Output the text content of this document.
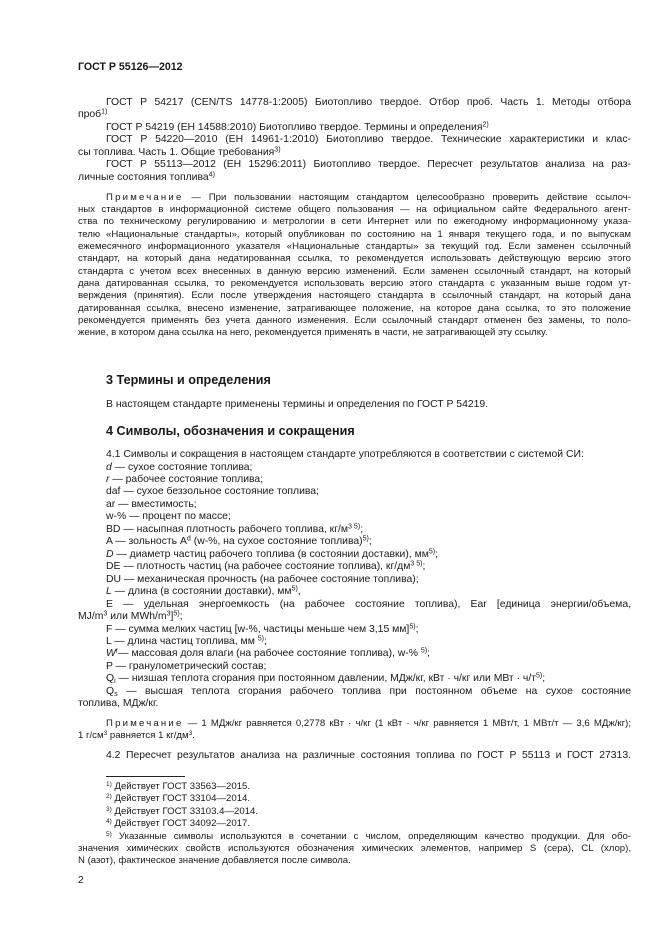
ГОСТ Р 55126—2012
ГОСТ Р 54217 (CEN/TS 14778-1:2005) Биотопливо твердое. Отбор проб. Часть 1. Методы отбора
проб$^{1)}$
ГОСТ Р 54219 (ЕН 14588:2010) Биотопливо твердое. Термины и определения$^{2)}$
ГОСТ Р 54220—2010 (ЕН 14961-1:2010) Биотопливо твердое. Технические характеристики и клас-
сы топлива. Часть 1. Общие требования$^{3)}$
ГОСТ Р 55113—2012 (ЕН 15296:2011) Биотопливо твердое. Пересчет результатов анализа на раз-
личные состояния топлива$^{4)}$
Примечание — При пользовании настоящим стандартом целесообразно проверить действие ссылоч-
ных стандартов в информационной системе общего пользования — на официальном сайте Федерального агент-
ства по техническому регулированию и метрологии в сети Интернет или по ежегодному информационному указа-
телю «Национальные стандарты», который опубликован по состоянию на 1 января текущего года, и по выпускам
ежемесячного информационного указателя «Национальные стандарты» за текущий год. Если заменен ссылочный
стандарт, на который дана недатированная ссылка, то рекомендуется использовать действующую версию этого
стандарта с учетом всех внесенных в данную версию изменений. Если заменен ссылочный стандарт, на который
дана датированная ссылка, то рекомендуется использовать версию этого стандарта с указанным выше годом ут-
верждения (принятия). Если после утверждения настоящего стандарта в ссылочный стандарт, на который дана
датированная ссылка, внесено изменение, затрагивающее положение, на которое дана ссылка, то это положение
рекомендуется применять без учета данного изменения. Если ссылочный стандарт отменен без замены, то поло-
жение, в котором дана ссылка на него, рекомендуется применять в части, не затрагивающей эту ссылку.
3 Термины и определения
В настоящем стандарте применены термины и определения по ГОСТ Р 54219.
4 Символы, обозначения и сокращения
4.1 Символы и сокращения в настоящем стандарте употребляются в соответствии с системой СИ:
d — сухое состояние топлива;
r — рабочее состояние топлива;
daf — сухое беззольное состояние топлива;
ar — вместимость;
w-% — процент по массе;
BD — насыпная плотность рабочего топлива, $кг/м^{3 5)}$;
A — зольность $A^d$ (w-%, на сухое состояние топлива)$^{5)}$;
D — диаметр частиц рабочего топлива (в состоянии доставки), $мм^{5)}$;
DE — плотность частиц (на рабочее состояние топлива), $кг/дм^{3 5)}$;
DU — механическая прочность (на рабочее состояние топлива);
L — длина (в состоянии доставки), $мм^{5)}$,
E — удельная энергоемкость (на рабочее состояние топлива), Ear [единица энергии/объема,
$MJ/m^3$ или MWh/$m^3]^{5)}$;
F — сумма мелких частиц [w-%, частицы меньше чем 3,15 мм]$^{5)}$;
L — длина частиц топлива, мм $^{5)}$;
$W^r—$ массовая доля влаги (на рабочее состояние топлива), w-% $^{5)}$;
P — гранулометрический состав;
$Q_i$ — низшая теплота сгорания при постоянном давлении, МДж/кг, кВт · ч/кг или МВт · $ч/т^{5)}$;
$Q_s$ — высшая теплота сгорания рабочего топлива при постоянном объеме на сухое состояние
топлива, МДж/кг.
Примечание — 1 МДж/кг равняется 0,2778 кВт · ч/кг (1 кВт · ч/кг равняется 1 МВт/т, 1 МВт/т — 3,6 МДж/кг);
1 $г/см^3$ равняется 1 $кг/дм^3$.
4.2 Пересчет результатов анализа на различные состояния топлива по ГОСТ Р 55113 и ГОСТ 27313.
$^{1)}$ Действует ГОСТ 33563—2015.
$^{2)}$ Действует ГОСТ 33104—2014.
$^{3)}$ Действует ГОСТ 33103.4—2014.
$^{4)}$ Действует ГОСТ 34092—2017.
$^{5)}$ Указанные символы используются в сочетании с числом, определяющим качество продукции. Для обо-
значения химических свойств используются обозначения химических элементов, например S (сера), CL (хлор),
N (азот), фактическое значение добавляется после символа.
2
